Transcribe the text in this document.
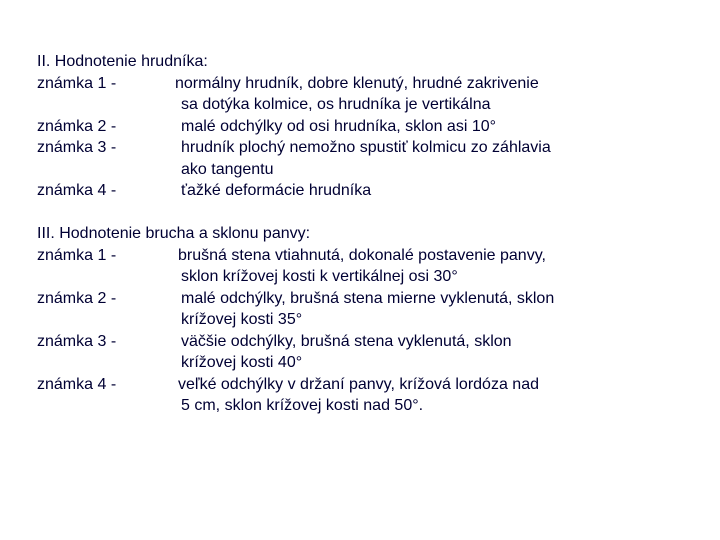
II. Hodnotenie hrudníka:
známka 1 -	normálny hrudník, dobre klenutý, hrudné zakrivenie
sa dotýka kolmice, os hrudníka je vertikálna
známka 2 -	malé odchýlky od osi hrudníka, sklon asi 10°
známka 3 -	hrudník plochý nemožno spustiť kolmicu zo záhlavia
ako tangentu
známka 4 -	ťažké deformácie hrudníka
III. Hodnotenie brucha a sklonu panvy:
známka 1 -	brušná stena vtiahnutá, dokonalé postavenie panvy,
sklon krížovej kosti k vertikálnej osi 30°
známka 2 -	malé odchýlky, brušná stena mierne vyklenutá, sklon
krížovej kosti 35°
známka 3 -	väčšie odchýlky, brušná stena vyklenutá, sklon
krížovej kosti 40°
známka 4 -	veľké odchýlky v držaní panvy, krížová lordóza nad
5 cm, sklon krížovej kosti nad 50°.
